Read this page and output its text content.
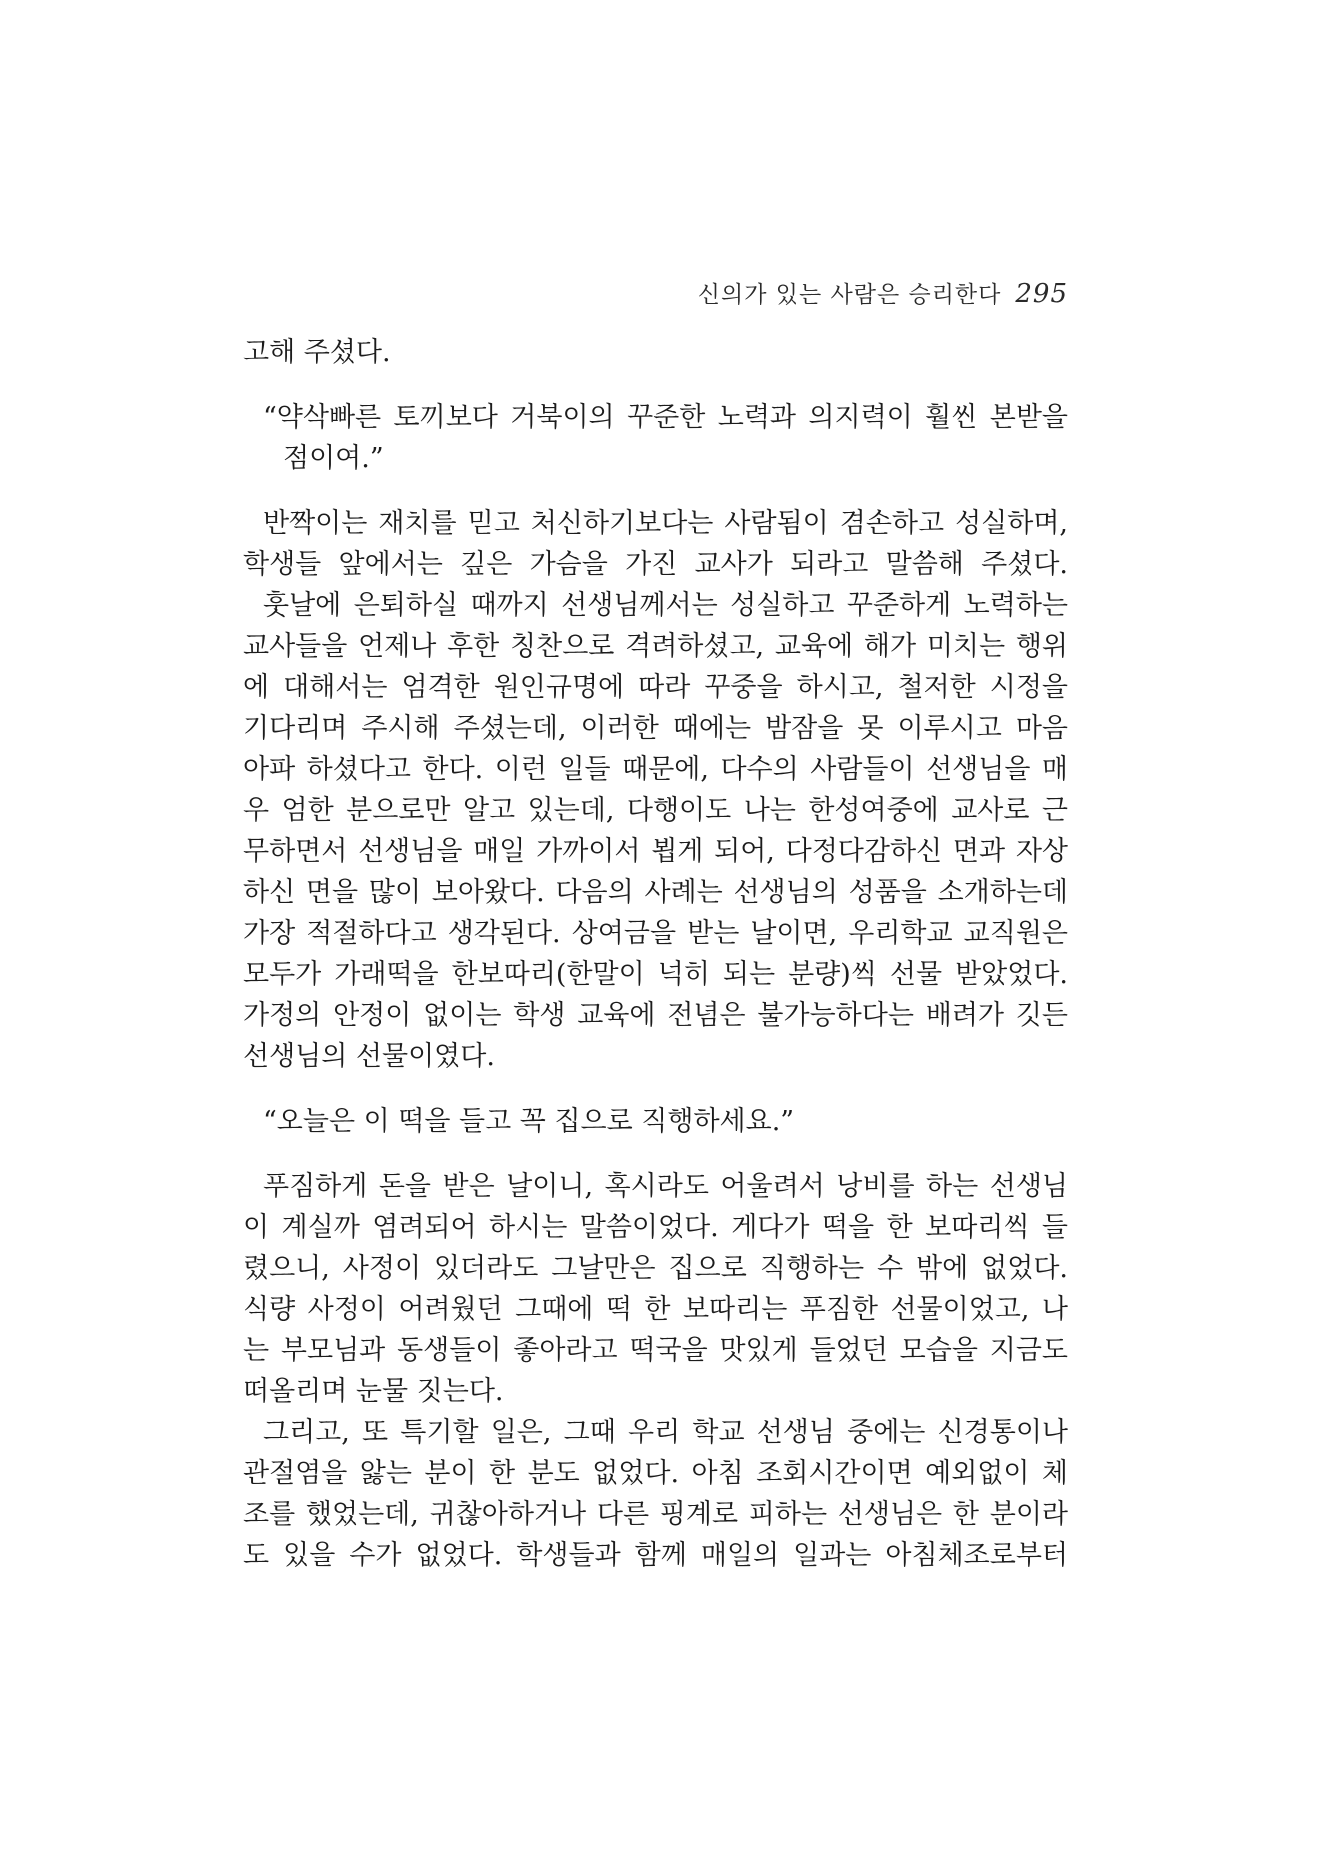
신의가 있는 사람은 승리한다 295
고해 주셨다.
“약삭빠른 토끼보다 거북이의 꾸준한 노력과 의지력이 훨씬 본받을
점이여.”
반짝이는 재치를 믿고 처신하기보다는 사람됨이 겸손하고 성실하며,
학생들 앞에서는 깊은 가슴을 가진 교사가 되라고 말씀해 주셨다.
훗날에 은퇴하실 때까지 선생님께서는 성실하고 꾸준하게 노력하는
교사들을 언제나 후한 칭찬으로 격려하셨고, 교육에 해가 미치는 행위
에 대해서는 엄격한 원인규명에 따라 꾸중을 하시고, 철저한 시정을
기다리며 주시해 주셨는데, 이러한 때에는 밤잠을 못 이루시고 마음
아파 하셨다고 한다. 이런 일들 때문에, 다수의 사람들이 선생님을 매
우 엄한 분으로만 알고 있는데, 다행이도 나는 한성여중에 교사로 근
무하면서 선생님을 매일 가까이서 뵙게 되어, 다정다감하신 면과 자상
하신 면을 많이 보아왔다. 다음의 사례는 선생님의 성품을 소개하는데
가장 적절하다고 생각된다. 상여금을 받는 날이면, 우리학교 교직원은
모두가 가래떡을 한보따리(한말이 넉히 되는 분량)씩 선물 받았었다.
가정의 안정이 없이는 학생 교육에 전념은 불가능하다는 배려가 깃든
선생님의 선물이였다.
“오늘은 이 떡을 들고 꼭 집으로 직행하세요.”
푸짐하게 돈을 받은 날이니, 혹시라도 어울려서 낭비를 하는 선생님
이 계실까 염려되어 하시는 말씀이었다. 게다가 떡을 한 보따리씩 들
렸으니, 사정이 있더라도 그날만은 집으로 직행하는 수 밖에 없었다.
식량 사정이 어려웠던 그때에 떡 한 보따리는 푸짐한 선물이었고, 나
는 부모님과 동생들이 좋아라고 떡국을 맛있게 들었던 모습을 지금도
떠올리며 눈물 짓는다.
그리고, 또 특기할 일은, 그때 우리 학교 선생님 중에는 신경통이나
관절염을 앓는 분이 한 분도 없었다. 아침 조회시간이면 예외없이 체
조를 했었는데, 귀찮아하거나 다른 핑계로 피하는 선생님은 한 분이라
도 있을 수가 없었다. 학생들과 함께 매일의 일과는 아침체조로부터
